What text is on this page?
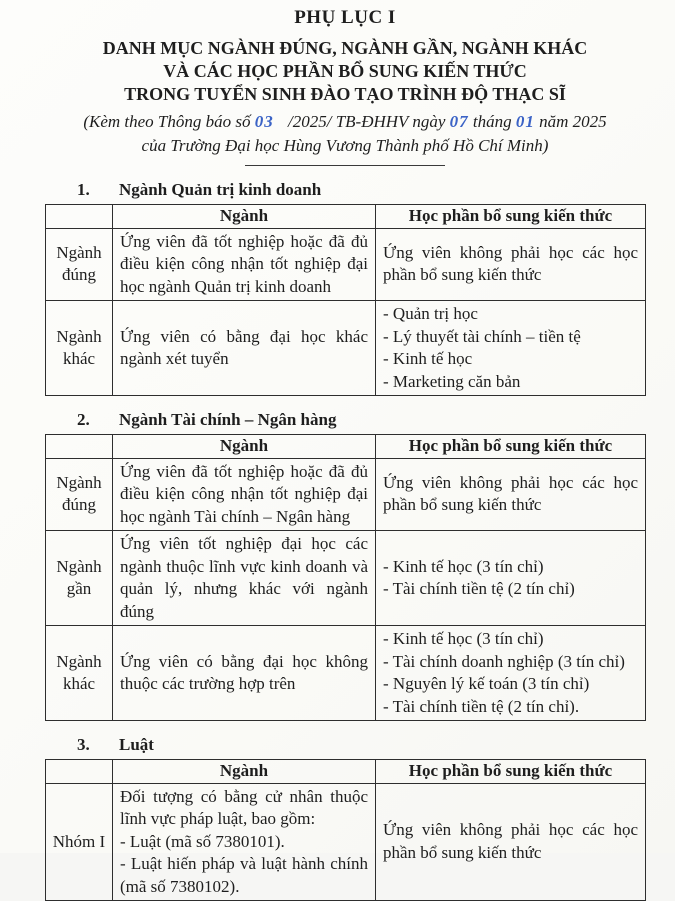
PHỤ LỤC I
DANH MỤC NGÀNH ĐÚNG, NGÀNH GẦN, NGÀNH KHÁC
VÀ CÁC HỌC PHẦN BỔ SUNG KIẾN THỨC
TRONG TUYỂN SINH ĐÀO TẠO TRÌNH ĐỘ THẠC SĨ
(Kèm theo Thông báo số 03 /2025/ TB-ĐHHV ngày 07 tháng 01 năm 2025
của Trường Đại học Hùng Vương Thành phố Hồ Chí Minh)
1.	Ngành Quản trị kinh doanh
	Ngành	Học phần bổ sung kiến thức
Ngành đúng	Ứng viên đã tốt nghiệp hoặc đã đủ điều kiện công nhận tốt nghiệp đại học ngành Quản trị kinh doanh	Ứng viên không phải học các học phần bổ sung kiến thức

Ngành khác	Ứng viên có bằng đại học khác ngành xét tuyển	- Quản trị học
- Lý thuyết tài chính – tiền tệ
- Kinh tế học
- Marketing căn bản
2.	Ngành Tài chính – Ngân hàng
	Ngành	Học phần bổ sung kiến thức
Ngành đúng	Ứng viên đã tốt nghiệp hoặc đã đủ điều kiện công nhận tốt nghiệp đại học ngành Tài chính – Ngân hàng	Ứng viên không phải học các học phần bổ sung kiến thức

Ngành gần	Ứng viên tốt nghiệp đại học các ngành thuộc lĩnh vực kinh doanh và quản lý, nhưng khác với ngành đúng	- Kinh tế học (3 tín chỉ)
- Tài chính tiền tệ (2 tín chỉ)

Ngành khác	Ứng viên có bằng đại học không thuộc các trường hợp trên	- Kinh tế học (3 tín chỉ)
- Tài chính doanh nghiệp (3 tín chỉ)
- Nguyên lý kế toán (3 tín chỉ)
- Tài chính tiền tệ (2 tín chỉ).
3.	Luật
	Ngành	Học phần bổ sung kiến thức
Nhóm I	Đối tượng có bằng cử nhân thuộc lĩnh vực pháp luật, bao gồm:
- Luật (mã số 7380101).
- Luật hiến pháp và luật hành chính (mã số 7380102).	Ứng viên không phải học các học phần bổ sung kiến thức
